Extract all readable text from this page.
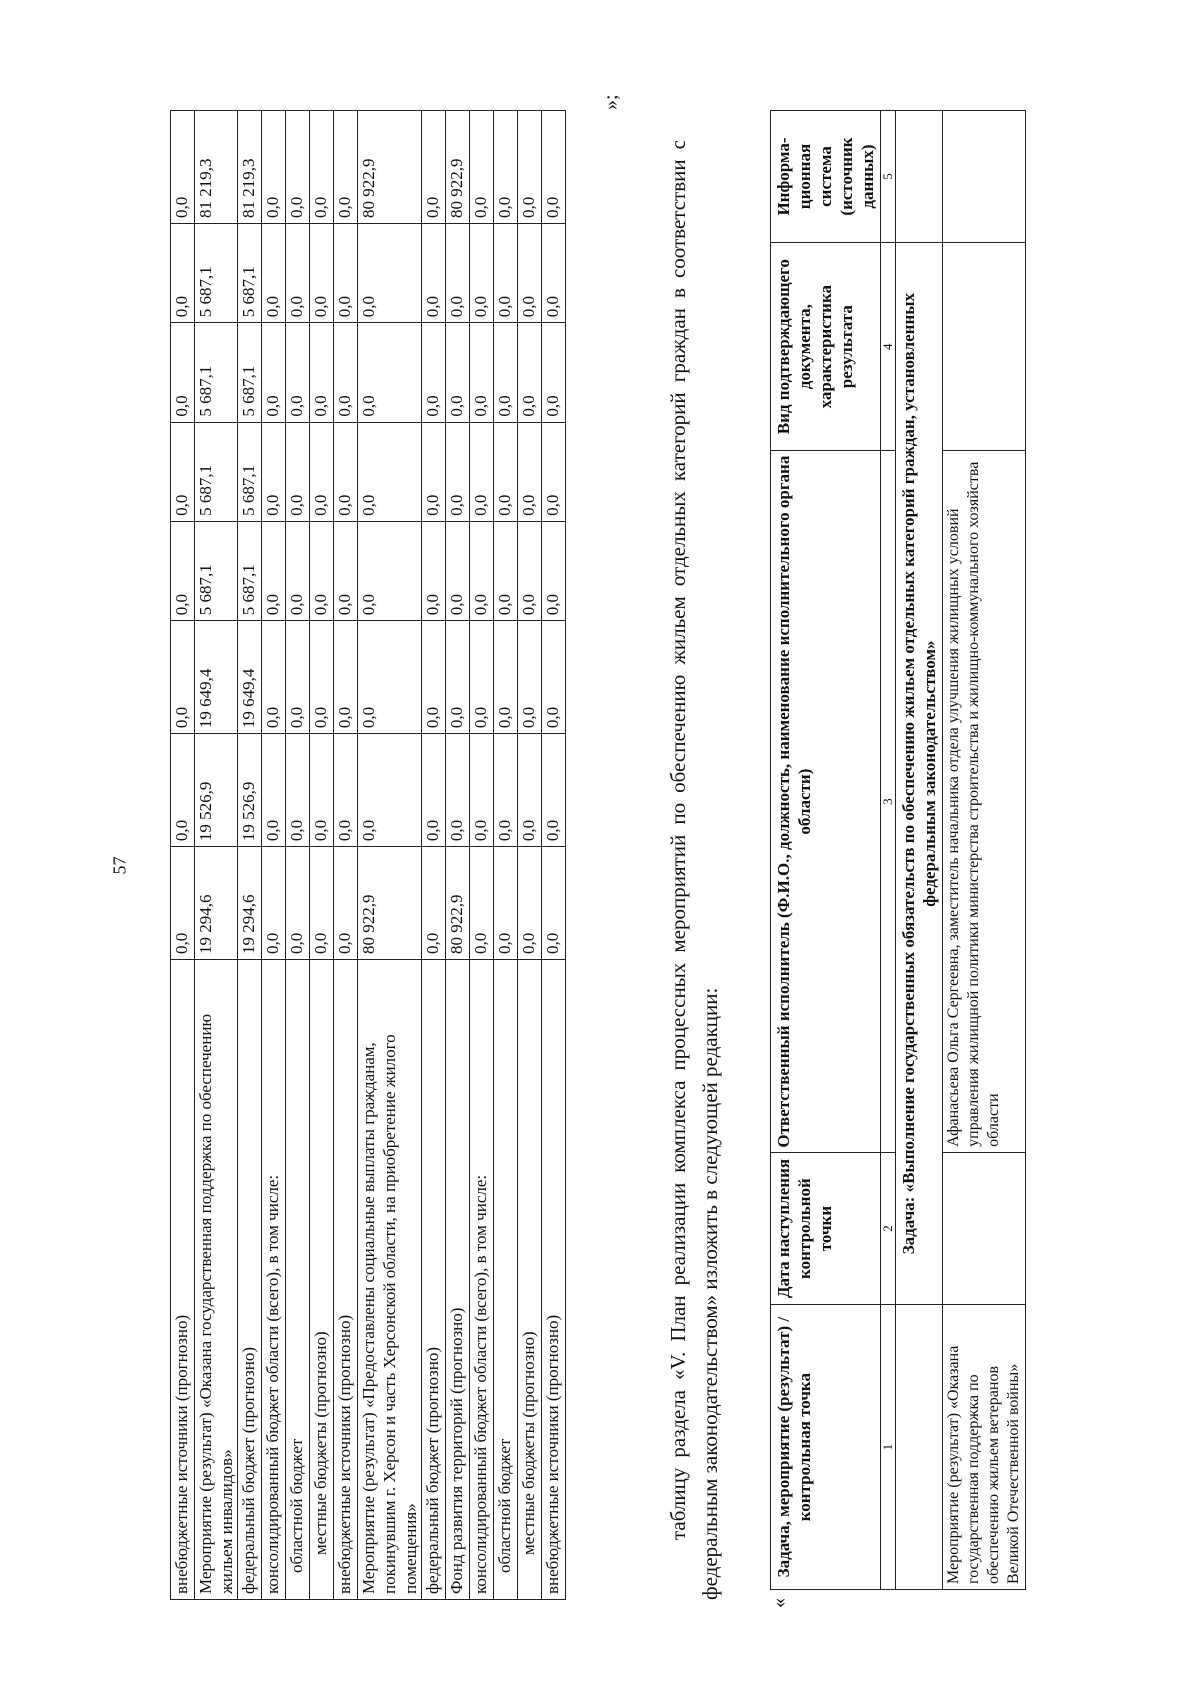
57
внебюджетные источники (прогнозно)	0,0	0,0	0,0	0,0	0,0	0,0	0,0	0,0
Мероприятие (результат) «Оказана государственная поддержка по обеспечению жильем инвалидов»	19 294,6	19 526,9	19 649,4	5 687,1	5 687,1	5 687,1	5 687,1	81 219,3
федеральный бюджет (прогнозно)	19 294,6	19 526,9	19 649,4	5 687,1	5 687,1	5 687,1	5 687,1	81 219,3
консолидированный бюджет области (всего), в том числе:	0,0	0,0	0,0	0,0	0,0	0,0	0,0	0,0
областной бюджет	0,0	0,0	0,0	0,0	0,0	0,0	0,0	0,0
местные бюджеты (прогнозно)	0,0	0,0	0,0	0,0	0,0	0,0	0,0	0,0
внебюджетные источники (прогнозно)	0,0	0,0	0,0	0,0	0,0	0,0	0,0	0,0
Мероприятие (результат) «Предоставлены социальные выплаты гражданам, покинувшим г. Херсон и часть Херсонской области, на приобретение жилого помещения»	80 922,9	0,0	0,0	0,0	0,0	0,0	0,0	80 922,9
федеральный бюджет (прогнозно)	0,0	0,0	0,0	0,0	0,0	0,0	0,0	0,0
Фонд развития территорий (прогнозно)	80 922,9	0,0	0,0	0,0	0,0	0,0	0,0	80 922,9
консолидированный бюджет области (всего), в том числе:	0,0	0,0	0,0	0,0	0,0	0,0	0,0	0,0
областной бюджет	0,0	0,0	0,0	0,0	0,0	0,0	0,0	0,0
местные бюджеты (прогнозно)	0,0	0,0	0,0	0,0	0,0	0,0	0,0	0,0
внебюджетные источники (прогнозно)	0,0	0,0	0,0	0,0	0,0	0,0	0,0	0,0
»;
таблицу раздела «V. План реализации комплекса процессных мероприятий по обеспечению жильем отдельных категорий граждан в соответствии с федеральным законодательством» изложить в следующей редакции:
«
Задача, мероприятие (результат) / контрольная точка	Дата наступления контрольной точки	Ответственный исполнитель (Ф.И.О., должность, наименование исполнительного органа области)	Вид подтверждающего документа, характеристика результата	Информа-ционная система (источник данных)
1	2	3	4	5
	Задача: «Выполнение государственных обязательств по обеспечению жильем отдельных категорий граждан, установленных федеральным законодательством»			
Мероприятие (результат) «Оказана государственная поддержка по обеспечению жильем ветеранов Великой Отечественной войны»		Афанасьева Ольга Сергеевна, заместитель начальника отдела улучшения жилищных условий управления жилищной политики министерства строительства и жилищно-коммунального хозяйства области		
